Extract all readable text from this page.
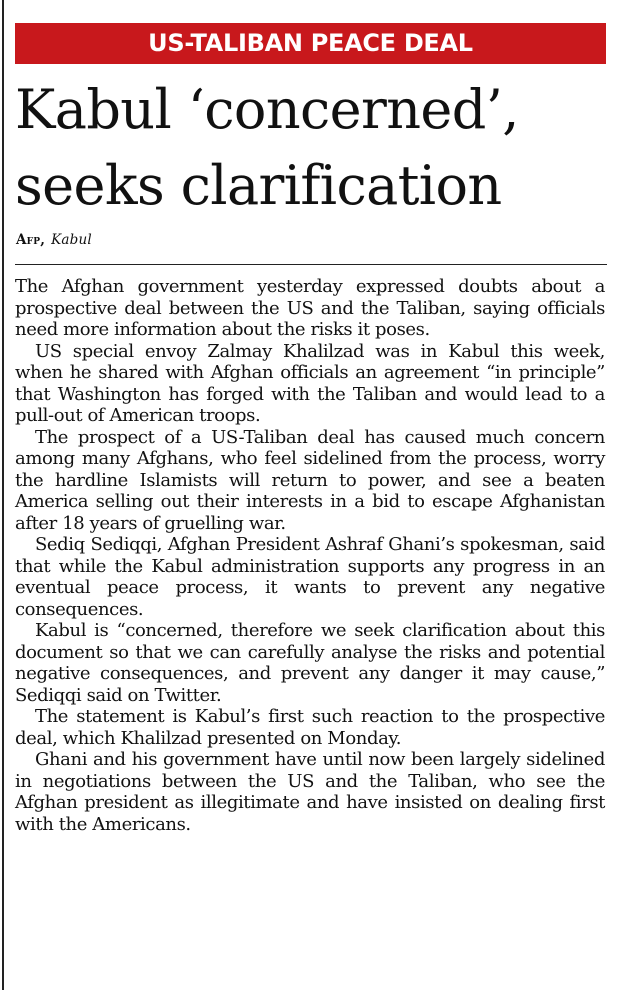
US-TALIBAN PEACE DEAL
Kabul ‘concerned’,
seeks clarification
Afp, Kabul

The Afghan government yesterday expressed doubts about a prospective deal between the US and the Taliban, saying officials need more information about the risks it poses.

US special envoy Zalmay Khalilzad was in Kabul this week, when he shared with Afghan officials an agreement “in principle” that Washington has forged with the Taliban and would lead to a pull-out of American troops.

The prospect of a US-Taliban deal has caused much concern among many Afghans, who feel sidelined from the process, worry the hardline Islamists will return to power, and see a beaten America selling out their interests in a bid to escape Afghanistan after 18 years of gruelling war.

Sediq Sediqqi, Afghan President Ashraf Ghani’s spokesman, said that while the Kabul administration supports any progress in an eventual peace process, it wants to prevent any negative consequences.

Kabul is “concerned, therefore we seek clarification about this document so that we can carefully analyse the risks and potential negative consequences, and prevent any danger it may cause,” Sediqqi said on Twitter.

The statement is Kabul’s first such reaction to the prospective deal, which Khalilzad presented on Monday.

Ghani and his government have until now been largely sidelined in negotiations between the US and the Taliban, who see the Afghan president as illegitimate and have insisted on dealing first with the Americans.
